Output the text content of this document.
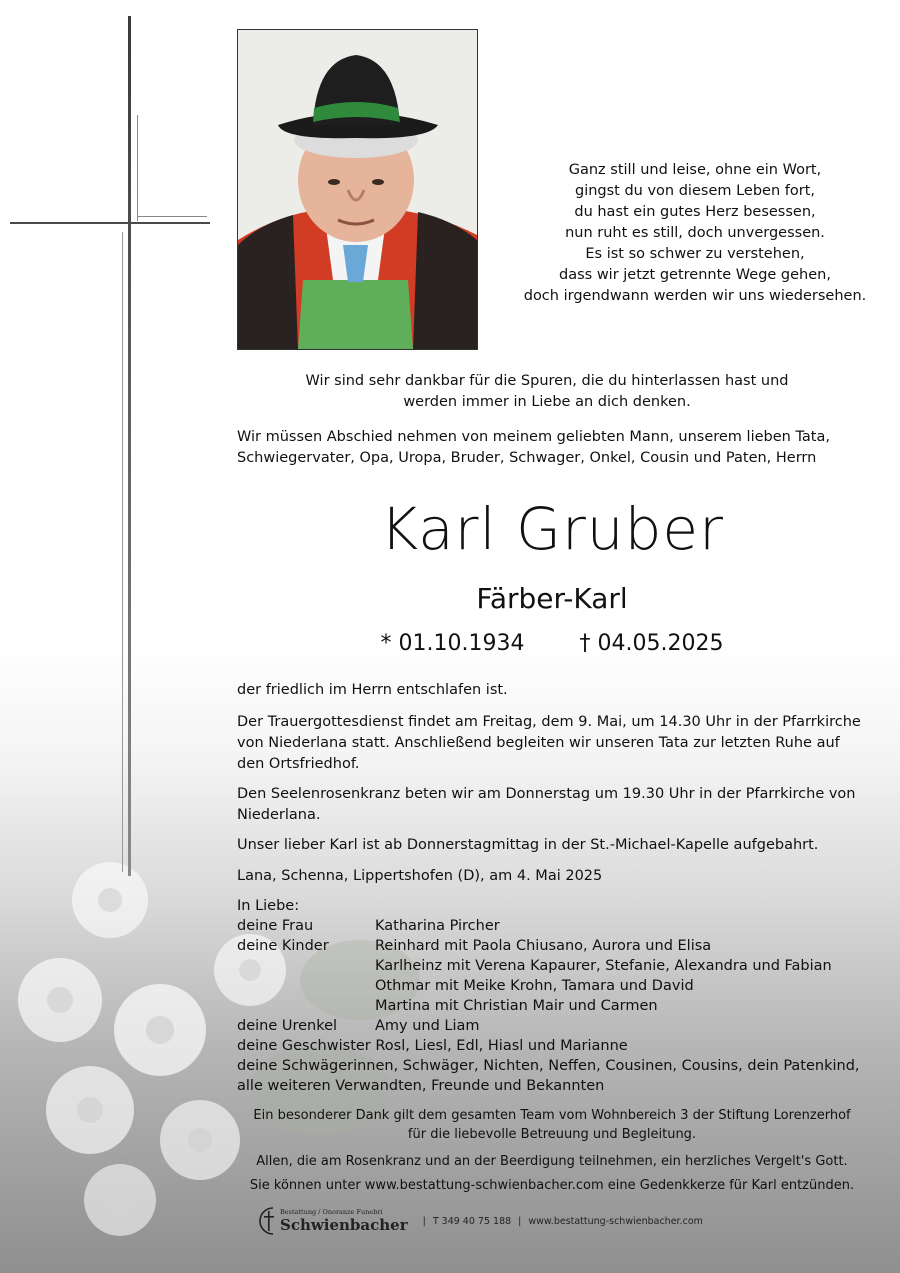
Ganz still und leise, ohne ein Wort,
gingst du von diesem Leben fort,
du hast ein gutes Herz besessen,
nun ruht es still, doch unvergessen.
Es ist so schwer zu verstehen,
dass wir jetzt getrennte Wege gehen,
doch irgendwann werden wir uns wiedersehen.
Wir sind sehr dankbar für die Spuren, die du hinterlassen hast und
werden immer in Liebe an dich denken.
Wir müssen Abschied nehmen von meinem geliebten Mann, unserem lieben Tata,
Schwiegervater, Opa, Uropa, Bruder, Schwager, Onkel, Cousin und Paten, Herrn
Karl Gruber
Färber-Karl
* 01.10.1934	† 04.05.2025
der friedlich im Herrn entschlafen ist.
Der Trauergottesdienst findet am Freitag, dem 9. Mai, um 14.30 Uhr in der Pfarrkirche von Niederlana statt. Anschließend begleiten wir unseren Tata zur letzten Ruhe auf den Ortsfriedhof.
Den Seelenrosenkranz beten wir am Donnerstag um 19.30 Uhr in der Pfarrkirche von Niederlana.
Unser lieber Karl ist ab Donnerstagmittag in der St.-Michael-Kapelle aufgebahrt.
Lana, Schenna, Lippertshofen (D), am 4. Mai 2025
In Liebe:
deine Frau	Katharina Pircher
deine Kinder	Reinhard mit Paola Chiusano, Aurora und Elisa
Karlheinz mit Verena Kapaurer, Stefanie, Alexandra und Fabian
Othmar mit Meike Krohn, Tamara und David
Martina mit Christian Mair und Carmen
deine Urenkel	Amy und Liam
deine Geschwister Rosl, Liesl, Edl, Hiasl und Marianne
deine Schwägerinnen, Schwäger, Nichten, Neffen, Cousinen, Cousins, dein Patenkind,
alle weiteren Verwandten, Freunde und Bekannten
Ein besonderer Dank gilt dem gesamten Team vom Wohnbereich 3 der Stiftung Lorenzerhof
für die liebevolle Betreuung und Begleitung.
Allen, die am Rosenkranz und an der Beerdigung teilnehmen, ein herzliches Vergelt's Gott.
Sie können unter www.bestattung-schwienbacher.com eine Gedenkkerze für Karl entzünden.
Bestattung / Onoranze Funebri
Schwienbacher | T 349 40 75 188 | www.bestattung-schwienbacher.com
